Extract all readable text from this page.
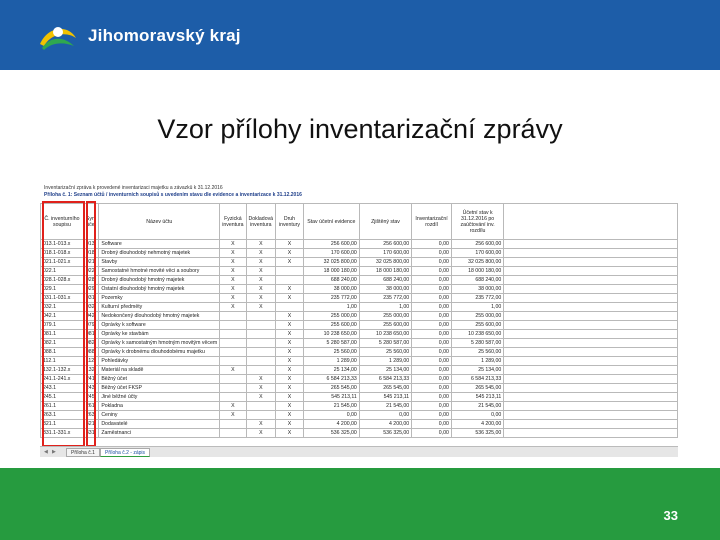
Jihomoravský kraj
Vzor přílohy inventarizační zprávy
Inventarizační zpráva k provedené inventarizaci majetku a závazků k 31.12.2016
Příloha č. 1: Seznam účtů / inventurních soupisů s uvedením stavu dle evidence a inventarizace k 31.12.2016
Č. inventurního soupisu	Syn. účet	Název účtu	Fyzická inventura	Dokladová inventura	Druh inventury	Stav účetní evidence	Zjištěný stav	Inventarizační rozdíl	Účetní stav k 31.12.2016 po zaúčtování inv. rozdílu	
013.1-013.x	013	Software	X	X	X	256 600,00	256 600,00	0,00	256 600,00	
018.1-018.x	018	Drobný dlouhodobý nehmotný majetek	X	X	X	170 600,00	170 600,00	0,00	170 600,00	
021.1-021.x	021	Stavby	X	X	X	32 025 800,00	32 025 800,00	0,00	32 025 800,00	
022.1	022	Samostatné hmotné movité věci a soubory	X	X		18 000 180,00	18 000 180,00	0,00	18 000 180,00	
028.1-028.x	028	Drobný dlouhodobý hmotný majetek	X	X		688 240,00	688 240,00	0,00	688 240,00	
029.1	029	Ostatní dlouhodobý hmotný majetek	X	X	X	38 000,00	38 000,00	0,00	38 000,00	
031.1-031.x	031	Pozemky	X	X	X	235 772,00	235 772,00	0,00	235 772,00	
032.1	032	Kulturní předměty	X	X		1,00	1,00	0,00	1,00	
042.1	042	Nedokončený dlouhodobý hmotný majetek			X	255 000,00	255 000,00	0,00	255 000,00	
079.1	079	Oprávky k software			X	255 600,00	255 600,00	0,00	255 600,00	
081.1	081	Oprávky ke stavbám			X	10 238 650,00	10 238 650,00	0,00	10 238 650,00	
082.1	082	Oprávky k samostatným hmotným movitým věcem			X	5 280 587,00	5 280 587,00	0,00	5 280 587,00	
088.1	088	Oprávky k drobnému dlouhodobému majetku			X	25 560,00	25 560,00	0,00	25 560,00	
112.1	112	Pohledávky			X	1 289,00	1 289,00	0,00	1 289,00	
132.1-132.x	132	Materiál na skladě	X		X	25 134,00	25 134,00	0,00	25 134,00	
241.1-241.x	241	Běžný účet		X	X	6 584 213,33	6 584 213,33	0,00	6 584 213,33	
243.1	243	Běžný účet FKSP		X	X	265 545,00	265 545,00	0,00	265 545,00	
245.1	245	Jiné běžné účty		X	X	545 213,11	545 213,11	0,00	545 213,11	
261.1	261	Pokladna	X		X	21 545,00	21 545,00	0,00	21 545,00	
263.1	263	Ceniny	X		X	0,00	0,00	0,00	0,00	
321.1	321	Dodavatelé		X	X	4 200,00	4 200,00	0,00	4 200,00	
331.1-331.x	331	Zaměstnanci		X	X	536 325,00	536 325,00	0,00	536 325,00	
◀ ▶	Příloha č.1	Příloha č.2 - zápis
33
